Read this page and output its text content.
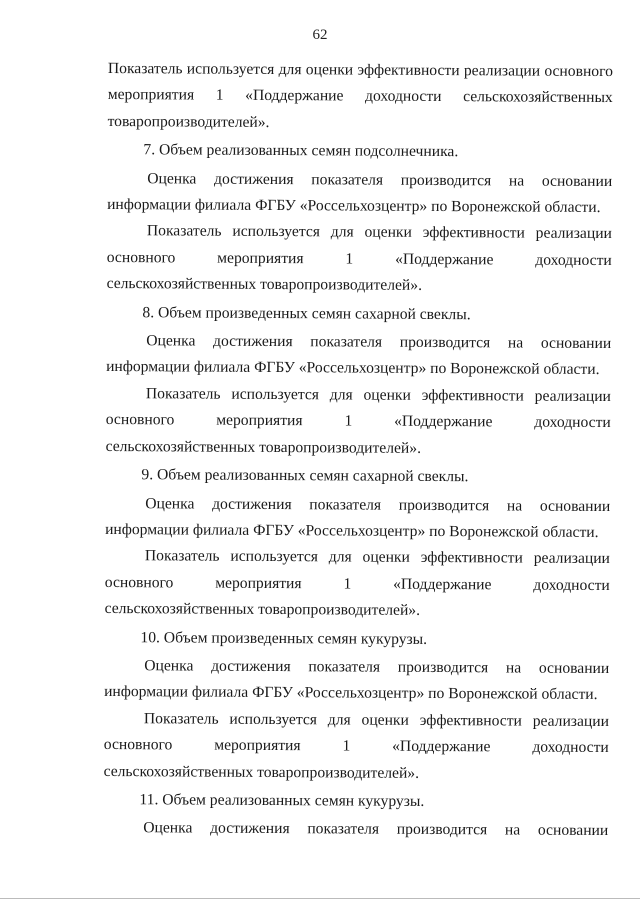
62

Показатель используется для оценки эффективности реализации основного мероприятия 1 «Поддержание доходности сельскохозяйственных товаропроизводителей».

7. Объем реализованных семян подсолнечника.

Оценка достижения показателя производится на основании информации филиала ФГБУ «Россельхозцентр» по Воронежской области.

Показатель используется для оценки эффективности реализации основного мероприятия 1 «Поддержание доходности сельскохозяйственных товаропроизводителей».

8. Объем произведенных семян сахарной свеклы.

Оценка достижения показателя производится на основании информации филиала ФГБУ «Россельхозцентр» по Воронежской области.

Показатель используется для оценки эффективности реализации основного мероприятия 1 «Поддержание доходности сельскохозяйственных товаропроизводителей».

9. Объем реализованных семян сахарной свеклы.

Оценка достижения показателя производится на основании информации филиала ФГБУ «Россельхозцентр» по Воронежской области.

Показатель используется для оценки эффективности реализации основного мероприятия 1 «Поддержание доходности сельскохозяйственных товаропроизводителей».

10. Объем произведенных семян кукурузы.

Оценка достижения показателя производится на основании информации филиала ФГБУ «Россельхозцентр» по Воронежской области.

Показатель используется для оценки эффективности реализации основного мероприятия 1 «Поддержание доходности сельскохозяйственных товаропроизводителей».

11. Объем реализованных семян кукурузы.

Оценка достижения показателя производится на основании
